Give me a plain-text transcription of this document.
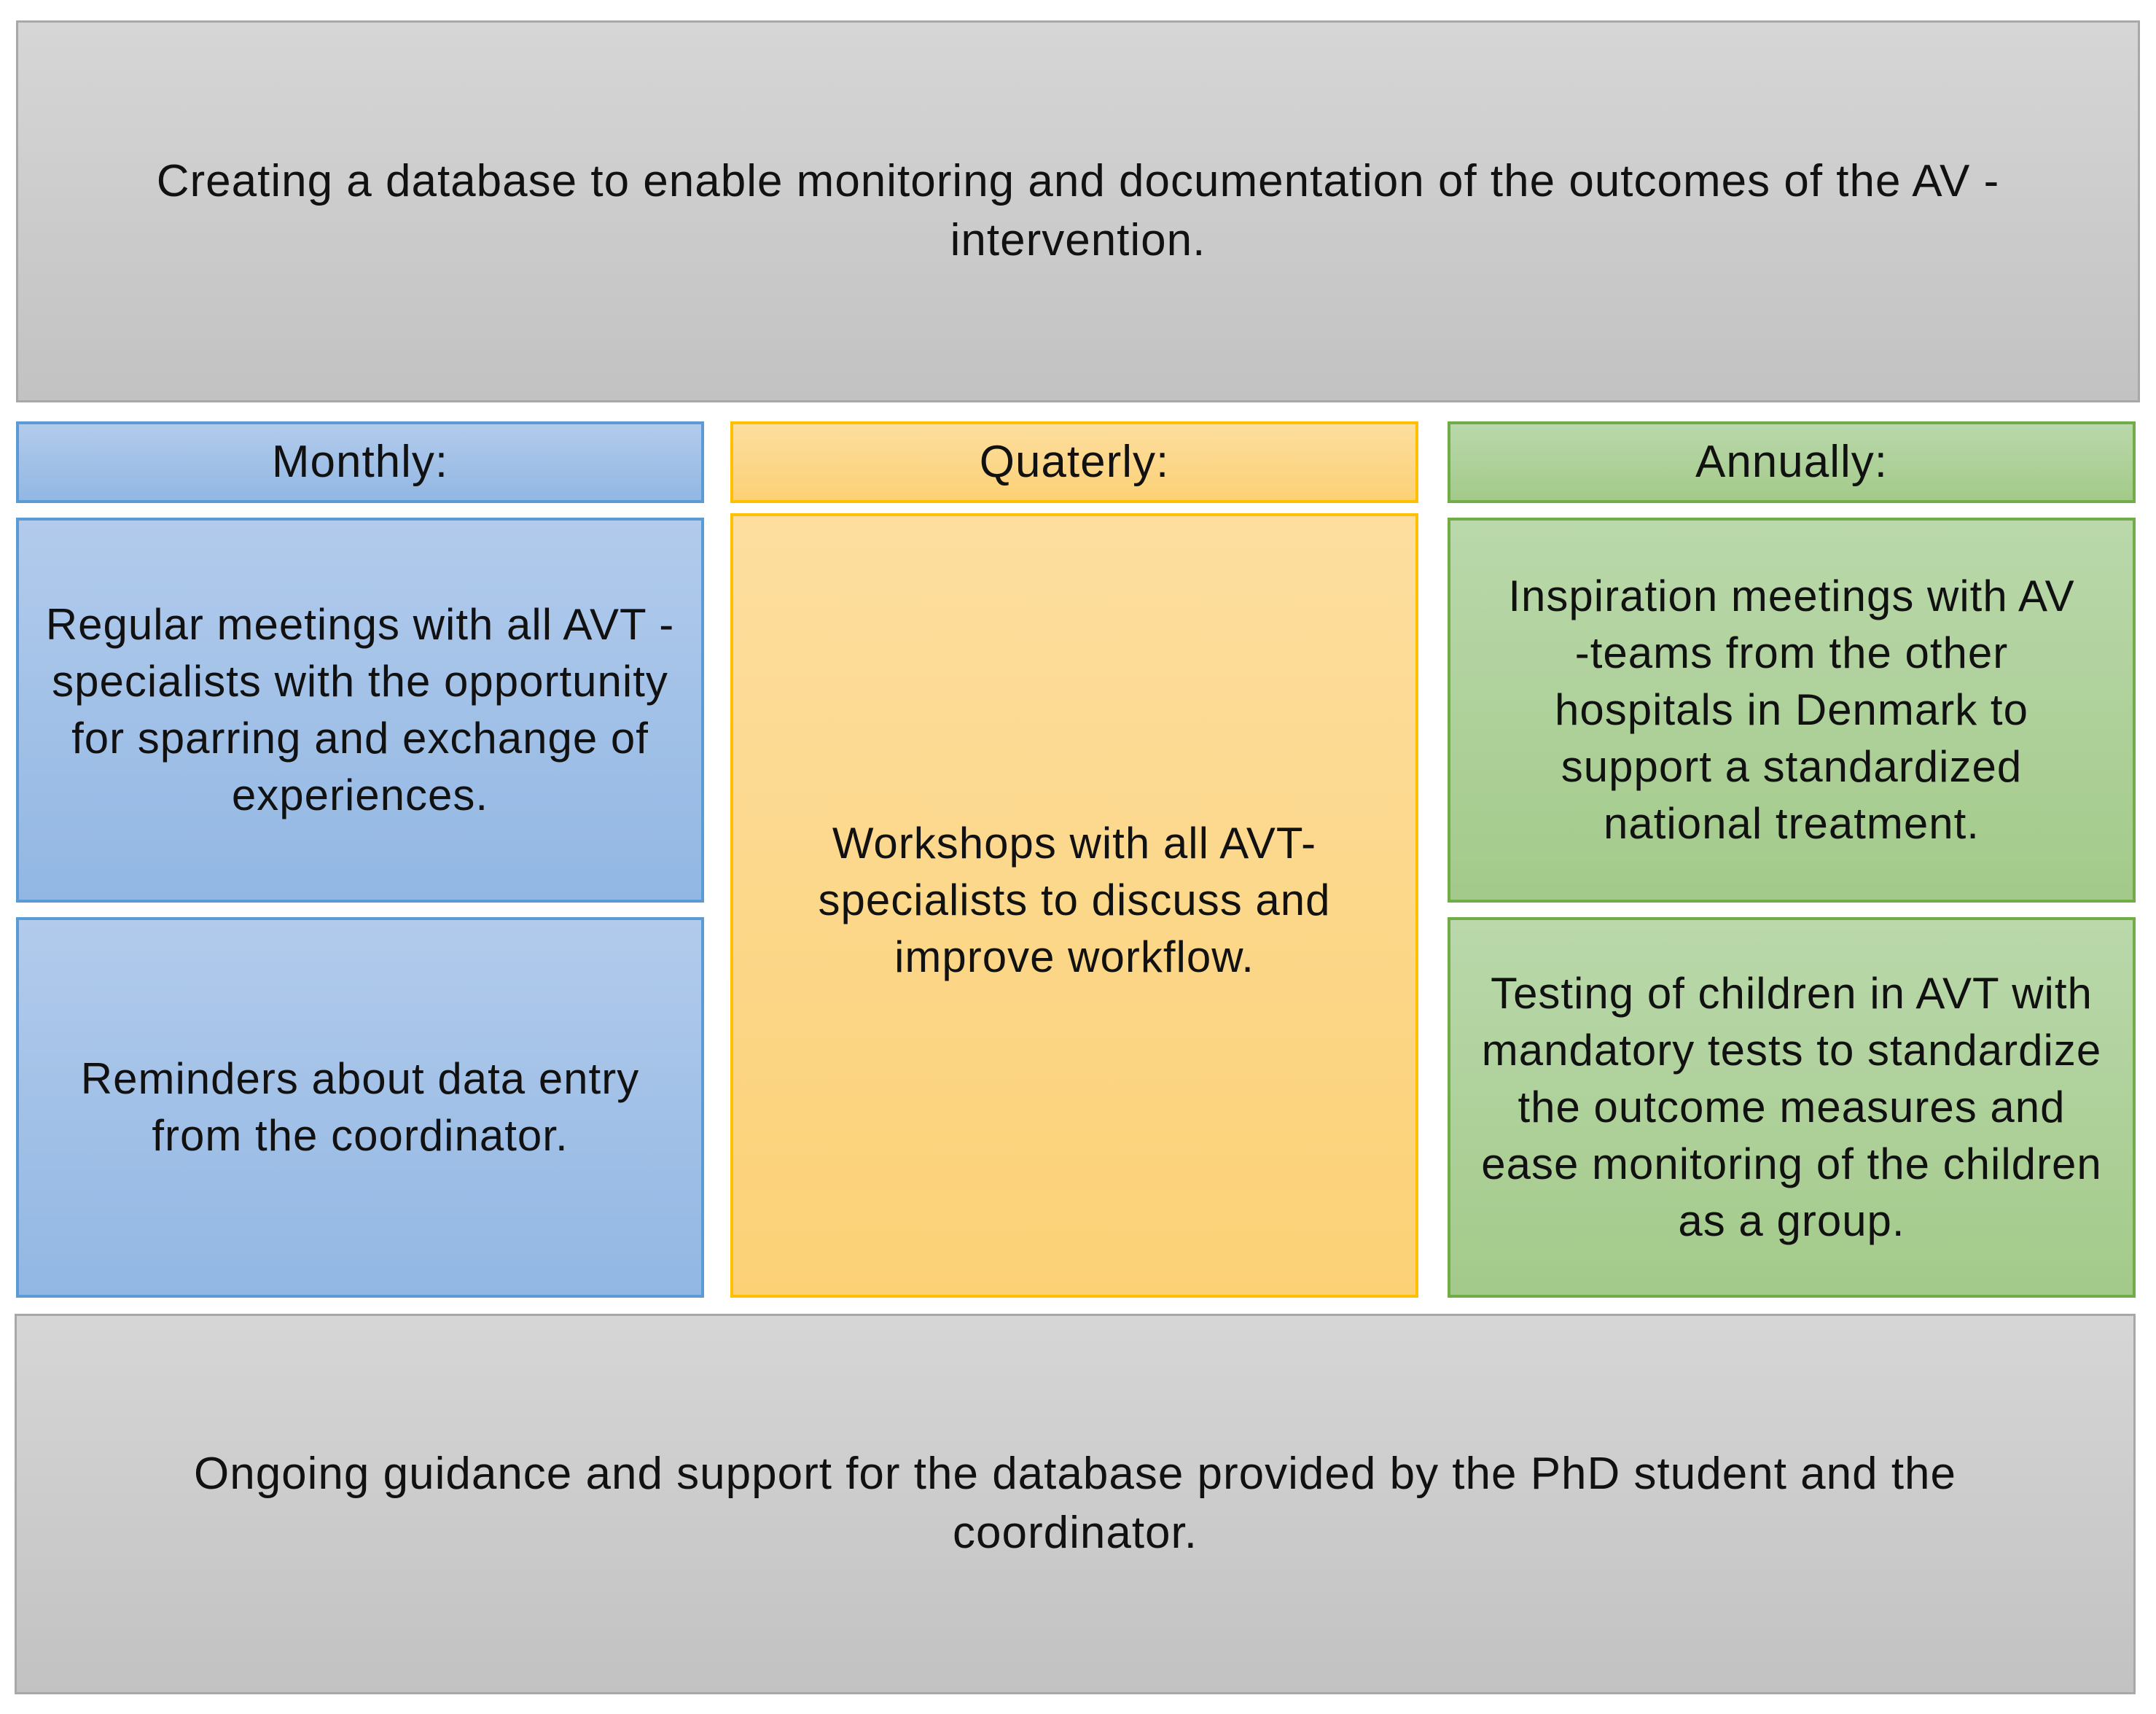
Creating a database to enable monitoring and documentation of the outcomes of the AV -intervention.
Monthly:
Regular meetings with all AVT -specialists with the opportunity for sparring and exchange of experiences.
Reminders about data entry from the coordinator.
Quaterly:
Workshops with all AVT-specialists to discuss and improve workflow.
Annually:
Inspiration meetings with AV -teams from the other hospitals in Denmark to support a standardized national treatment.
Testing of children in AVT with mandatory tests to standardize the outcome measures and ease monitoring of the children as a group.
Ongoing guidance and support for the database provided by the PhD student and the coordinator.
